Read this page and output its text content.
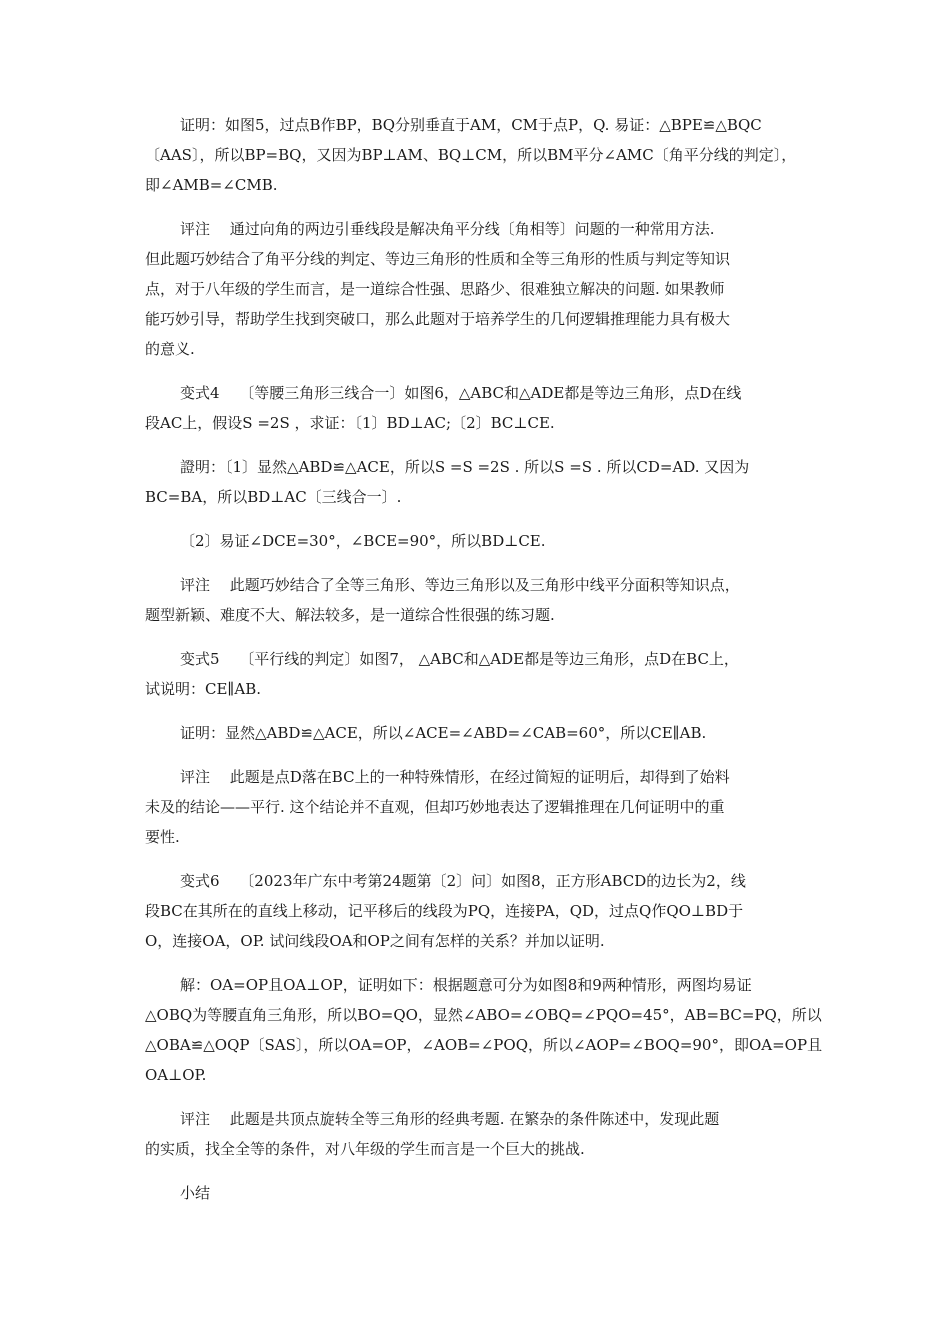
证明：如图5，过点B作BP，BQ分别垂直于AM，CM于点P，Q. 易证：△BPE≌△BQC
〔AAS〕，所以BP=BQ，又因为BP⊥AM、BQ⊥CM，所以BM平分∠AMC〔角平分线的判定〕，
即∠AMB=∠CMB.
评注　 通过向角的两边引垂线段是解决角平分线〔角相等〕问题的一种常用方法.
但此题巧妙结合了角平分线的判定、等边三角形的性质和全等三角形的性质与判定等知识
点，对于八年级的学生而言，是一道综合性强、思路少、很难独立解决的问题. 如果教师
能巧妙引导，帮助学生找到突破口，那么此题对于培养学生的几何逻辑推理能力具有极大
的意义.
变式4　 〔等腰三角形三线合一〕如图6，△ABC和△ADE都是等边三角形，点D在线
段AC上，假设S =2S ，求证：〔1〕BD⊥AC;〔2〕BC⊥CE.
證明：〔1〕显然△ABD≌△ACE，所以S =S =2S . 所以S =S . 所以CD=AD. 又因为
BC=BA，所以BD⊥AC〔三线合一〕.
〔2〕易证∠DCE=30°，∠BCE=90°，所以BD⊥CE.
评注　 此题巧妙结合了全等三角形、等边三角形以及三角形中线平分面积等知识点，
题型新颖、难度不大、解法较多，是一道综合性很强的练习题.
变式5　 〔平行线的判定〕如图7， △ABC和△ADE都是等边三角形，点D在BC上，
试说明：CE∥AB.
证明：显然△ABD≌△ACE，所以∠ACE=∠ABD=∠CAB=60°，所以CE∥AB.
评注　 此题是点D落在BC上的一种特殊情形，在经过简短的证明后，却得到了始料
未及的结论——平行. 这个结论并不直观，但却巧妙地表达了逻辑推理在几何证明中的重
要性.
变式6　 〔2023年广东中考第24题第〔2〕问〕如图8，正方形ABCD的边长为2，线
段BC在其所在的直线上移动，记平移后的线段为PQ，连接PA，QD，过点Q作QO⊥BD于
O，连接OA，OP. 试问线段OA和OP之间有怎样的关系？并加以证明.
解：OA=OP且OA⊥OP，证明如下：根据题意可分为如图8和9两种情形，两图均易证
△OBQ为等腰直角三角形，所以BO=QO，显然∠ABO=∠OBQ=∠PQO=45°，AB=BC=PQ，所以
△OBA≌△OQP〔SAS〕，所以OA=OP，∠AOB=∠POQ，所以∠AOP=∠BOQ=90°，即OA=OP且
OA⊥OP.
评注　 此题是共顶点旋转全等三角形的经典考题. 在繁杂的条件陈述中，发现此题
的实质，找全全等的条件，对八年级的学生而言是一个巨大的挑战.
小结
